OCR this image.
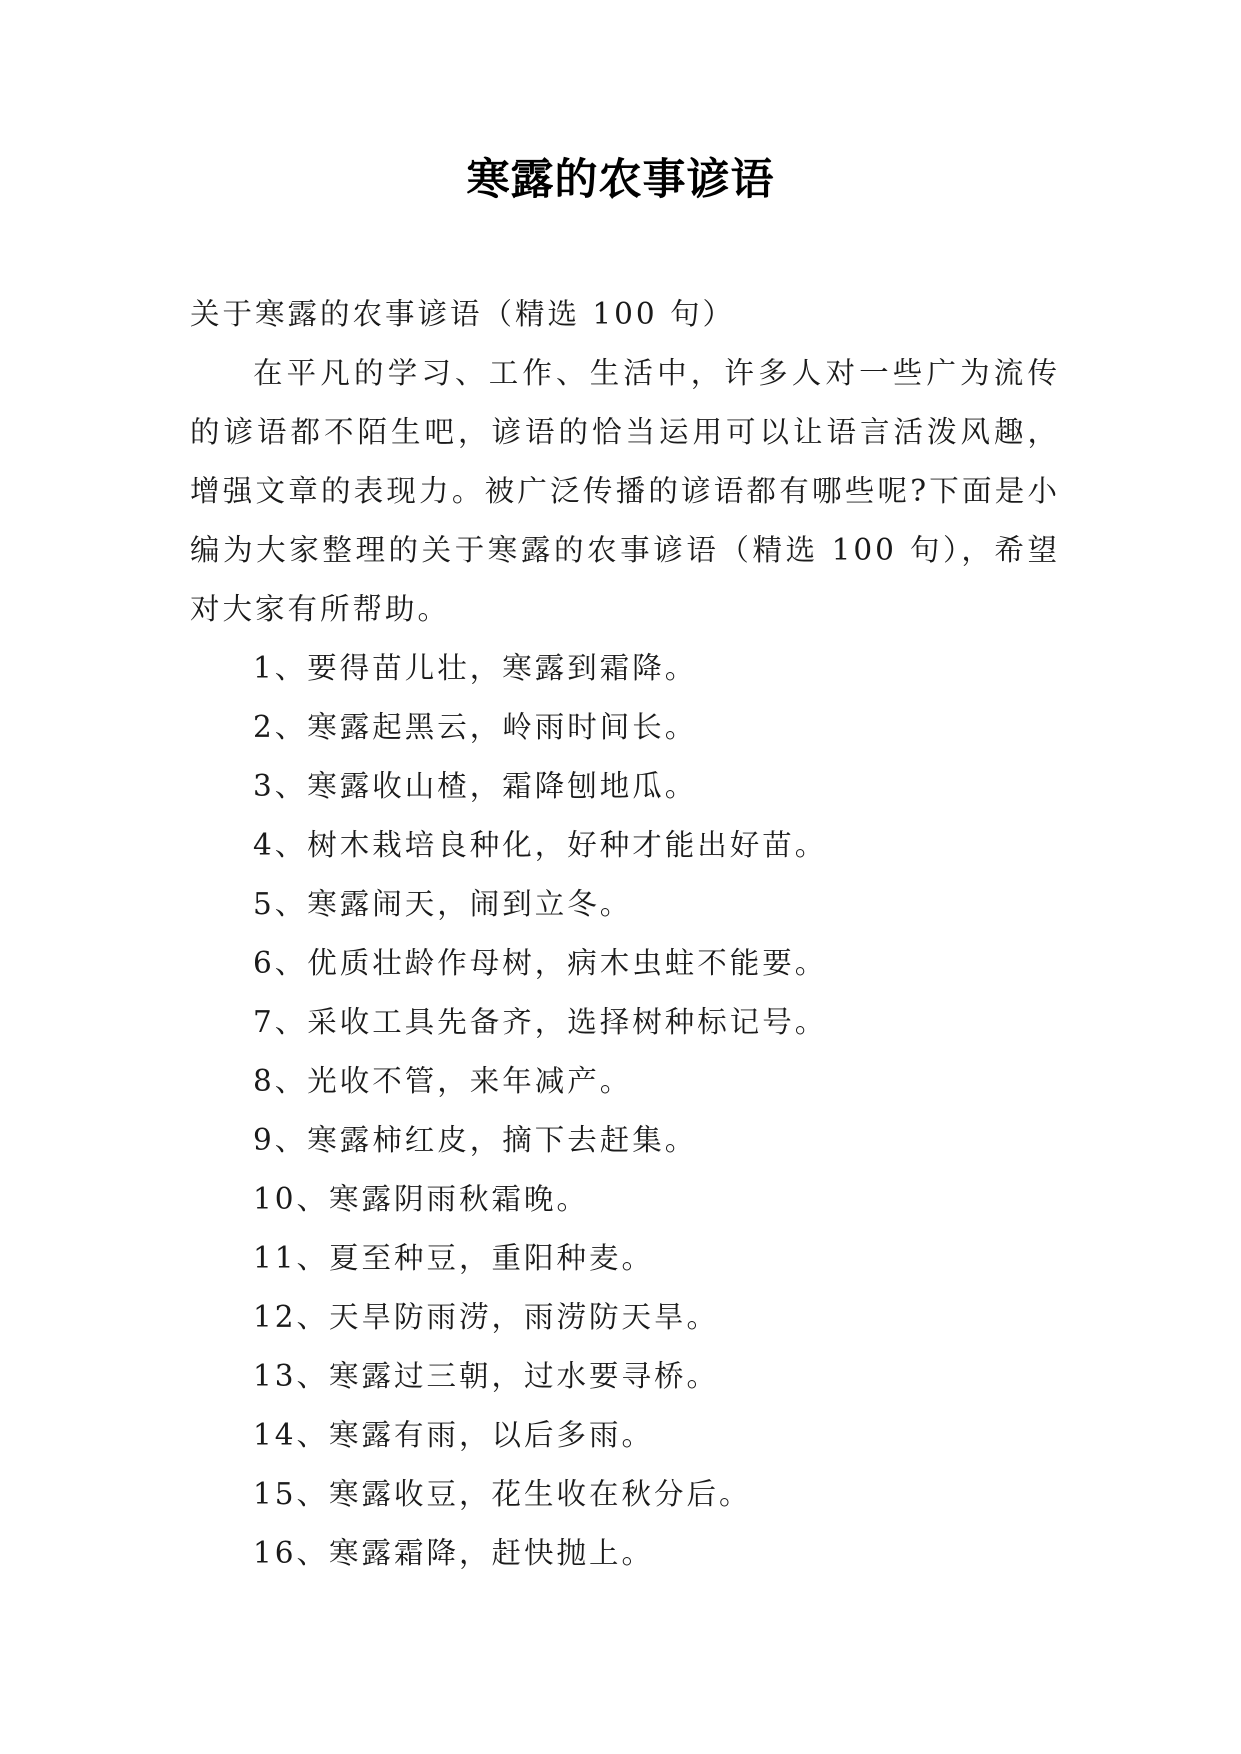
寒露的农事谚语

关于寒露的农事谚语（精选 100 句）

在平凡的学习、工作、生活中，许多人对一些广为流传的谚语都不陌生吧，谚语的恰当运用可以让语言活泼风趣，增强文章的表现力。被广泛传播的谚语都有哪些呢?下面是小编为大家整理的关于寒露的农事谚语（精选 100 句），希望对大家有所帮助。

1、要得苗儿壮，寒露到霜降。
2、寒露起黑云，岭雨时间长。
3、寒露收山楂，霜降刨地瓜。
4、树木栽培良种化，好种才能出好苗。
5、寒露闹天，闹到立冬。
6、优质壮龄作母树，病木虫蛀不能要。
7、采收工具先备齐，选择树种标记号。
8、光收不管，来年减产。
9、寒露柿红皮，摘下去赶集。
10、寒露阴雨秋霜晚。
11、夏至种豆，重阳种麦。
12、天旱防雨涝，雨涝防天旱。
13、寒露过三朝，过水要寻桥。
14、寒露有雨，以后多雨。
15、寒露收豆，花生收在秋分后。
16、寒露霜降，赶快抛上。
